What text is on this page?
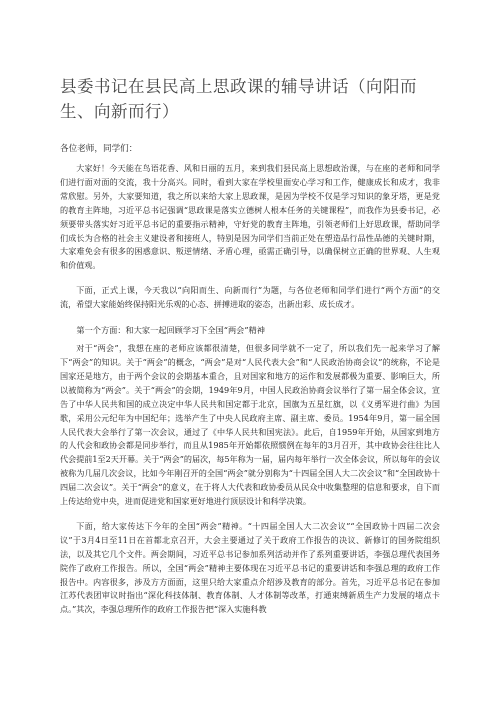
县委书记在县民高上思政课的辅导讲话（向阳而生、向新而行）
各位老师，同学们：

大家好！今天能在鸟语花香、风和日丽的五月，来到我们县民高上思想政治课，与在座的老师和同学们进行面对面的交流，我十分高兴。同时，看到大家在学校里面安心学习和工作，健康成长和成才，我非常欣慰。另外，大家要知道，我之所以来给大家上思政课，是因为学校不仅是学习知识的象牙塔，更是党的教育主阵地，习近平总书记强调“思政课是落实立德树人根本任务的关键课程”，而我作为县委书记，必须要带头落实好习近平总书记的重要指示精神，守好党的教育主阵地，引领老师们上好思政课，帮助同学们成长为合格的社会主义建设者和接班人，特别是因为同学们当前正处在塑造品行品性品德的关键时期，大家难免会有很多的困惑意识、叛逆情绪、矛盾心理，亟需正确引导，以确保树立正确的世界观、人生观和价值观。

下面，正式上课，今天我以“向阳而生、向新而行”为题，与各位老师和同学们进行“两个方面”的交流，希望大家能始终保持阳光乐观的心态、拼搏进取的姿态，出新出彩、成长成才。

第一个方面：和大家一起回顾学习下全国“两会”精神

对于“两会”，我想在座的老师应该都很清楚，但很多同学就不一定了，所以我们先一起来学习了解下“两会”的知识。关于“两会”的概念，“两会”是对“人民代表大会”和“人民政治协商会议”的统称，不论是国家还是地方，由于两个会议的会期基本重合，且对国家和地方的运作和发展都极为重要、影响巨大，所以被简称为“两会”。关于“两会”的会期，1949年9月，中国人民政治协商会议举行了第一届全体会议，宣告了中华人民共和国的成立决定中华人民共和国定都于北京，国旗为五星红旗，以《义勇军进行曲》为国歌，采用公元纪年为中国纪年；选举产生了中央人民政府主席、副主席、委员。1954年9月，第一届全国人民代表大会举行了第一次会议，通过了《中华人民共和国宪法》。此后，自1959年开始，从国家到地方的人代会和政协会都是同步举行，而且从1985年开始都依照惯例在每年的3月召开，其中政协会往往比人代会提前1至2天开幕。关于“两会”的届次，每5年称为一届，届内每年举行一次全体会议，所以每年的会议被称为几届几次会议，比如今年刚召开的全国“两会”就分别称为“十四届全国人大二次会议”和“全国政协十四届二次会议”。关于“两会”的意义，在于将人大代表和政协委员从民众中收集整理的信息和要求，自下而上传达给党中央，进而促进党和国家更好地进行顶层设计和科学决策。

下面，给大家传达下今年的全国“两会”精神。“十四届全国人大二次会议”“全国政协十四届二次会议”于3月4日至11日在首都北京召开，大会主要通过了关于政府工作报告的决议、新修订的国务院组织法，以及其它几个文件。两会期间，习近平总书记参加系列活动并作了系列重要讲话，李强总理代表国务院作了政府工作报告。所以，全国“两会”精神主要体现在习近平总书记的重要讲话和李强总理的政府工作报告中。内容很多，涉及方方面面，这里只给大家重点介绍涉及教育的部分。首先，习近平总书记在参加江苏代表团审议时指出“深化科技体制、教育体制、人才体制等改革，打通束缚新质生产力发展的堵点卡点。”其次，李强总理所作的政府工作报告把“深入实施科教
